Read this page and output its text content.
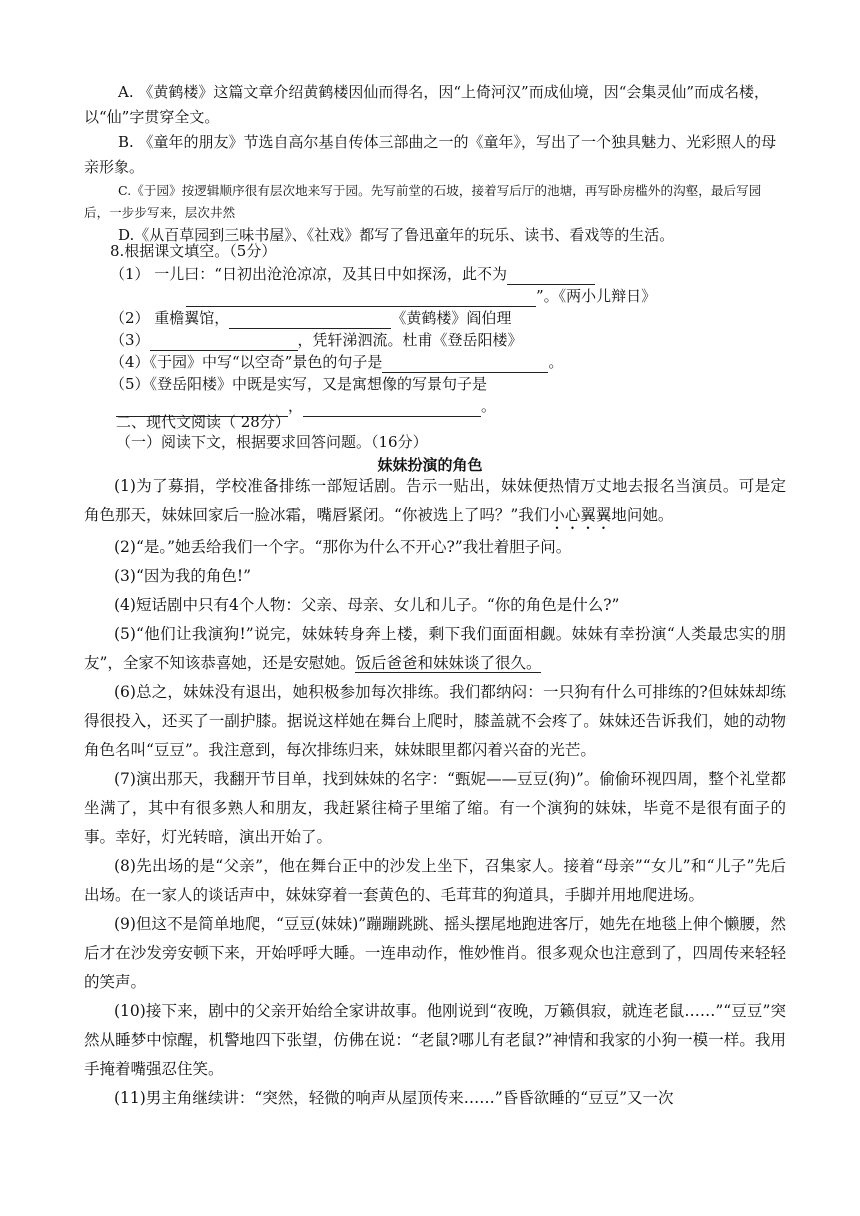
A. 《黄鹤楼》这篇文章介绍黄鹤楼因仙而得名，因“上倚河汉”而成仙境，因“会集灵仙”而成名楼，以“仙”字贯穿全文。

B. 《童年的朋友》节选自高尔基自传体三部曲之一的《童年》，写出了一个独具魅力、光彩照人的母亲形象。

C.《于园》按逻辑顺序很有层次地来写于园。先写前堂的石坡，接着写后厅的池塘，再写卧房槛外的沟壑，最后写园后，一步步写来，层次井然

D.《从百草园到三味书屋》、《社戏》都写了鲁迅童年的玩乐、读书、看戏等的生活。

8.根据课文填空。（5分）
（1） 一儿曰：“日初出沧沧凉凉，及其日中如探汤，此不为
”。《两小儿辩日》
（2） 重檐翼馆，	《黄鹤楼》阎伯理
（3）	，凭轩涕泗流。杜甫《登岳阳楼》
（4）《于园》中写“以空奇”景色的句子是	。
（5）《登岳阳楼》中既是实写，又是寓想像的写景句子是
，	。
二、现代文阅读（ 28分）
（一）阅读下文，根据要求回答问题。（16分）
妹妹扮演的角色

(1)为了募捐，学校准备排练一部短话剧。告示一贴出，妹妹便热情万丈地去报名当演员。可是定角色那天，妹妹回家后一脸冰霜，嘴唇紧闭。“你被选上了吗？”我们小心翼翼地问她。

(2)“是。”她丢给我们一个字。“那你为什么不开心?”我壮着胆子问。

(3)“因为我的角色!”

(4)短话剧中只有4个人物：父亲、母亲、女儿和儿子。“你的角色是什么?”

(5)“他们让我演狗!”说完，妹妹转身奔上楼，剩下我们面面相觑。妹妹有幸扮演“人类最忠实的朋友”，全家不知该恭喜她，还是安慰她。饭后爸爸和妹妹谈了很久。

(6)总之，妹妹没有退出，她积极参加每次排练。我们都纳闷：一只狗有什么可排练的?但妹妹却练得很投入，还买了一副护膝。据说这样她在舞台上爬时，膝盖就不会疼了。妹妹还告诉我们，她的动物角色名叫“豆豆”。我注意到，每次排练归来，妹妹眼里都闪着兴奋的光芒。

(7)演出那天，我翻开节目单，找到妹妹的名字：“甄妮——豆豆(狗)”。偷偷环视四周，整个礼堂都坐满了，其中有很多熟人和朋友，我赶紧往椅子里缩了缩。有一个演狗的妹妹，毕竟不是很有面子的事。幸好，灯光转暗，演出开始了。

(8)先出场的是“父亲”，他在舞台正中的沙发上坐下，召集家人。接着“母亲”“女儿”和“儿子”先后出场。在一家人的谈话声中，妹妹穿着一套黄色的、毛茸茸的狗道具，手脚并用地爬进场。

(9)但这不是简单地爬，“豆豆(妹妹)”蹦蹦跳跳、摇头摆尾地跑进客厅，她先在地毯上伸个懒腰，然后才在沙发旁安顿下来，开始呼呼大睡。一连串动作，惟妙惟肖。很多观众也注意到了，四周传来轻轻的笑声。

(10)接下来，剧中的父亲开始给全家讲故事。他刚说到“夜晚，万籁俱寂，就连老鼠……”“豆豆”突然从睡梦中惊醒，机警地四下张望，仿佛在说：“老鼠?哪儿有老鼠?”神情和我家的小狗一模一样。我用手掩着嘴强忍住笑。

(11)男主角继续讲：“突然，轻微的响声从屋顶传来……”昏昏欲睡的“豆豆”又一次
